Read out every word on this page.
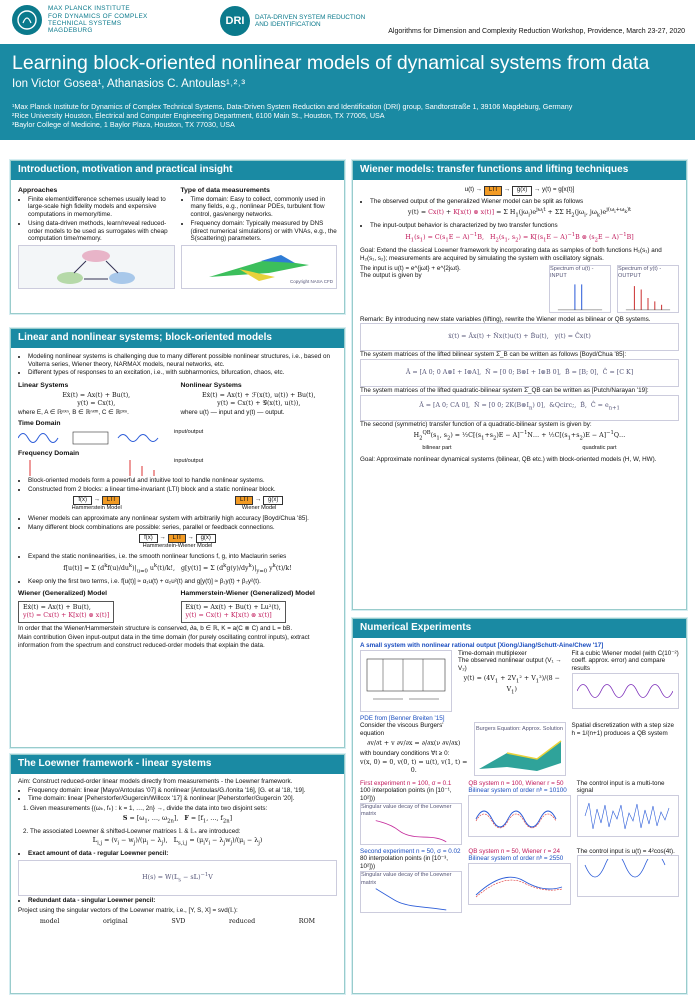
MAX PLANCK INSTITUTE
FOR DYNAMICS OF COMPLEX
TECHNICAL SYSTEMS
MAGDEBURG
DRI	DATA-DRIVEN SYSTEM REDUCTION
AND IDENTIFICATION
Algorithms for Dimension and Complexity Reduction Workshop, Providence, March 23-27, 2020
Learning block-oriented nonlinear models of dynamical systems from data
Ion Victor Gosea¹, Athanasios C. Antoulas¹˒²˒³
¹Max Planck Institute for Dynamics of Complex Technical Systems, Data-Driven System Reduction and Identification (DRI) group, Sandtorstraße 1, 39106 Magdeburg, Germany
²Rice University Houston, Electrical and Computer Engineering Department, 6100 Main St., Houston, TX 77005, USA
³Baylor College of Medicine, 1 Baylor Plaza, Houston, TX 77030, USA
Introduction, motivation and practical insight
Approaches
• Finite element/difference schemes usually lead to large-scale high fidelity models and expensive computations in memory/time.
• Using data-driven methods, learn/reveal reduced-order models to be used as surrogates with cheap computation time/memory.
Type of data measurements
• Time domain: Easy to collect, commonly used in many fields, e.g., nonlinear PDEs, turbulent flow control, gas/energy networks.
• Frequency domain: Typically measured by DNS (direct numerical simulations) or with VNAs, e.g., the S(scattering) parameters.
Copyright NASA CFD
Linear and nonlinear systems; block-oriented models
• Modeling nonlinear systems is challenging due to many different possible nonlinear structures, i.e., based on Volterra series, Wiener theory, NARMAX models, neural networks, etc.
• Different types of responses to an excitation, i.e., with subharmonics, bifurcation, chaos, etc.
Linear Systems
Eẋ(t) = Ax(t) + Bu(t),
y(t) = Cx(t),
where E, A ∈ ℝⁿˣⁿ, B ∈ ℝⁿˣᵐ, C ∈ ℝᵖˣⁿ.
Nonlinear Systems
Eẋ(t) = Ax(t) + ℱ(x(t), u(t)) + Bu(t),
y(t) = Cx(t) + 𝒢(x(t), u(t)),
where u(t) — input and y(t) — output.
Time Domain
input/output
Frequency Domain
input/output
• Block-oriented models form a powerful and intuitive tool to handle nonlinear systems.
• Constructed from 2 blocks: a linear time-invariant (LTI) block and a static nonlinear block.
f(x) → LTI
Hammerstein Model
LTI → g(x)
Wiener Model
• Wiener models can approximate any nonlinear system with arbitrarily high accuracy [Boyd/Chua '85].
• Many different block combinations are possible: series, parallel or feedback connections.
f(x) → LTI → g(x)
Hammerstein-Wiener Model
• Expand the static nonlinearities, i.e. the smooth nonlinear functions f, g, into Maclaurin series
f[u(t)] = Σ $(d^kf(u)/du^k)|_{u=0}$ $u^k(t)/k$!,   g[y(t)] = Σ $(d^kg(y)/dy^k)|_{y=0}$ $y^k(t)/k$!
• Keep only the first two terms, i.e. f[u(t)] ≈ α₁u(t) + α₂u²(t) and g[y(t)] ≈ β₁y(t) + β₂y²(t).
Wiener (Generalized) Model
Eẋ(t) = Ax(t) + Bu(t),
y(t) = Cx(t) + K[x(t) ⊗ x(t)]
Hammerstein-Wiener (Generalized) Model
Eẋ(t) = Ax(t) + Bu(t) + Lu²(t),
y(t) = Cx(t) + K[x(t) ⊗ x(t)]
In order that the Wiener/Hammerstein structure is conserved, ∂a, b ∈ ℝ, K = a(C ⊗ C) and L = bB.
Main contribution Given input-output data in the time domain (for purely oscillating control inputs), extract information from the spectrum and construct reduced-order models that explain the data.
The Loewner framework - linear systems
Aim: Construct reduced-order linear models directly from measurements - the Loewner framework.
• Frequency domain: linear [Mayo/Antoulas '07] & nonlinear [Antoulas/G./Ionita '16], [G. et al '18, '19].
• Time domain: linear [Peherstorfer/Gugercin/Willcox '17] & nonlinear [Peherstorfer/Gugercin '20].
1. Given measurements {(ωₖ, fₖ) : k = 1, …, 2n} →, divide the data into two disjoint sets:
$S = [\omega_1$, …, $\omega_{2n}$],   $F = [f_1$, …, $f_{2n}$]
2. The associated Loewner & shifted-Loewner matrices 𝕃 & 𝕃ₛ are introduced:
𝕃$_{i,j}$ = $(v_i - w_j)/(\mu_i - \lambda_j)$,   𝕃$_{s,i,j}$ = $(\mu_iv_i - \lambda_jw_j)/(\mu_i - \lambda_j)$
• Exact amount of data - regular Loewner pencil:
H(s) = W(𝕃$_s$ − s𝕃)$^{-1}$V
• Redundant data - singular Loewner pencil:
Project using the singular vectors of the Loewner matrix, i.e., [Y, S, X] = svd(𝕃):
model	original	SVD	reduced	ROM
Wiener models: transfer functions and lifting techniques
u(t) → LTI → g(x) → y(t) = g[x(t)]
• The observed output of the generalized Wiener model can be split as follows
y(t) = Cx(t) + K[x(t) ⊗ x(t)] = Σ $H_1(j\omega_i)e^{j\omega_it} + \Sigma\Sigma$ $H_2(j\omega_i$, $j\omega_k)e^{j(\omega_i+\omega_k)t}$
• The input-output behavior is characterized by two transfer functions
$H_1(s_1) = C(s_1E - A)^{-1}B$,   $H_2(s_1$, $s_2) = K[(s_1E - A)^{-1}B$ ⊗ $(s_2E - A)^{-1}B$]
Goal: Extend the classical Loewner framework by incorporating data as samples of both functions H₁(s₁) and H₂(s₁, s₂); measurements are acquired by simulating the system with oscillatory signals.
The input is u(t) = e^{jωt} + e^{2jωt}.
The output is given by
Spectrum of u(t) - INPUT
Spectrum of y(t) - OUTPUT
Remark: By introducing new state variables (lifting), rewrite the Wiener model as bilinear or QB systems.
ẋ(t) = Âx(t) + N̂x(t)u(t) + B̂u(t),   y(t) = Ĉx(t)
The system matrices of the lifted bilinear system Σ̄_B can be written as follows [Boyd/Chua '85]:
Â = [A 0; 0 A⊗I + I⊗A],  N̂ = [0 0; B⊗I + I⊗B 0],  B̂ = [B; 0],  Ĉ = [C K]
The system matrices of the lifted quadratic-bilinear system Σ̄_QB can be written as [Putch/Narayan '19]:
Â = [A 0; CA 0],  N̂ = [0 0; $2K(B\otimes I_n)$ 0],  &Qcirc;,  B̂,  Ĉ = $e_{n+1}$
The second (symmetric) transfer function of a quadratic-bilinear system is given by:
$H_2^{QB}(s_1$, $s_2$) = $\frac{1}{2}C[(s_1+s_2)E$ − A]$^{-1}$N… + $\frac{1}{2}C[(s_1+s_2)E$ − A]$^{-1}$Q…
bilinear part	quadratic part
Goal: Approximate nonlinear dynamical systems (bilinear, QB etc.) with block-oriented models (H, W, HW).
Numerical Experiments
A small system with nonlinear rational output [Xiong/Jiang/Schutt-Aine/Chew '17]
Time-domain multiplexer
The observed nonlinear output (V₁ → V₂)
$y(t) = (4V_1 + 2V_1^2 + V_1^3)/(8 - V_1)$
Fit a cubic Wiener model (with C(10⁻²) coeff. approx. error) and compare results
PDE from [Benner Breiten '15]
Consider the viscous Burgers' equation
∂v/∂t + v ∂v/∂x = ∂/∂x(ν ∂v/∂x)
with boundary conditions ∀t ≥ 0:
v(x, 0) = 0, v(0, t) = u(t), v(1, t) = 0.
Burgers Equation: Approx. Solution Spatial discretization with a step size h = 1/(n+1) produces a QB system
First experiment n = 100, σ = 0.1
100 interpolation points (in [10⁻¹, 10²]))
Singular value decay of the Loewner matrix
QB system n = 100, Wiener r = 50
Bilinear system of order nᵇ = 10100
The control input is a multi-tone signal
Second experiment n = 50, σ = 0.02
80 interpolation points (in [10⁻³, 10²]))
Singular value decay of the Loewner matrix
QB system n = 50, Wiener r = 24
Bilinear system of order nᵇ = 2550
The control input is u(t) = 4²cos(4t).
